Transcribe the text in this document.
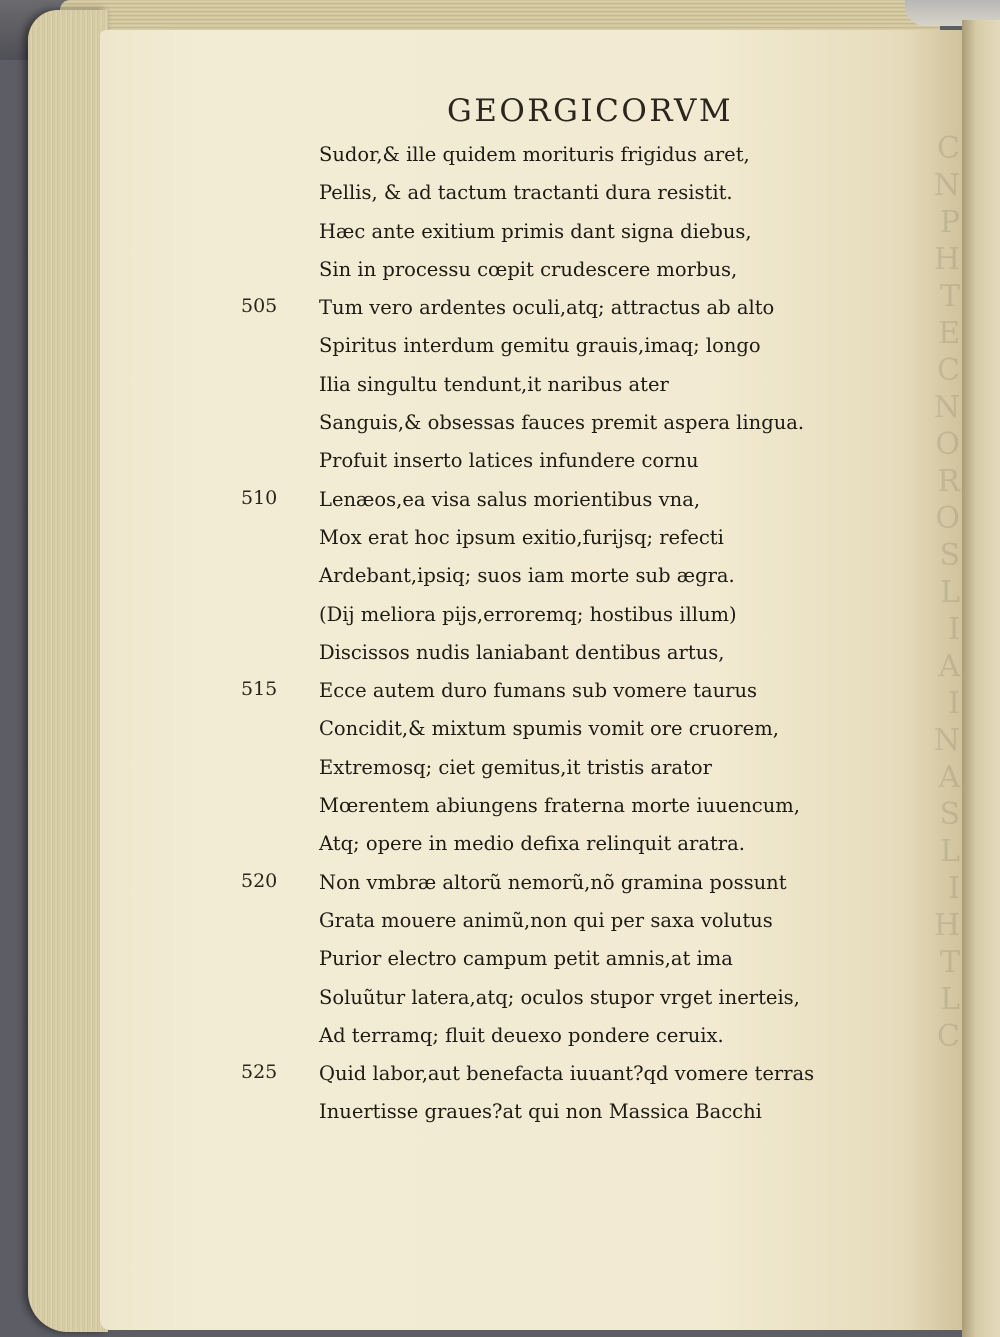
GEORGICORVM
Sudor,& ille quidem morituris frigidus aret,
Pellis, & ad tactum tractanti dura resistit.
Hæc ante exitium primis dant signa diebus,
Sin in processu cœpit crudescere morbus,
Tum vero ardentes oculi,atq; attractus ab alto
Spiritus interdum gemitu grauis,imaq; longo
Ilia singultu tendunt,it naribus ater
Sanguis,& obsessas fauces premit aspera lingua.
Profuit inserto latices infundere cornu
Lenæos,ea visa salus morientibus vna,
Mox erat hoc ipsum exitio,furijsq; refecti
Ardebant,ipsiq; suos iam morte sub ægra.
(Dij meliora pijs,erroremq; hostibus illum)
Discissos nudis laniabant dentibus artus,
Ecce autem duro fumans sub vomere taurus
Concidit,& mixtum spumis vomit ore cruorem,
Extremosq; ciet gemitus,it tristis arator
Mœrentem abiungens fraterna morte iuuencum,
Atq; opere in medio defixa relinquit aratra.
Non vmbræ altorũ nemorũ,nõ gramina possunt
Grata mouere animũ,non qui per saxa volutus
Purior electro campum petit amnis,at ima
Soluũtur latera,atq; oculos stupor vrget inerteis,
Ad terramq; fluit deuexo pondere ceruix.
Quid labor,aut benefacta iuuant?qd vomere terras
Inuertisse graues?at qui non Massica Bacchi
505
510
515
520
525
